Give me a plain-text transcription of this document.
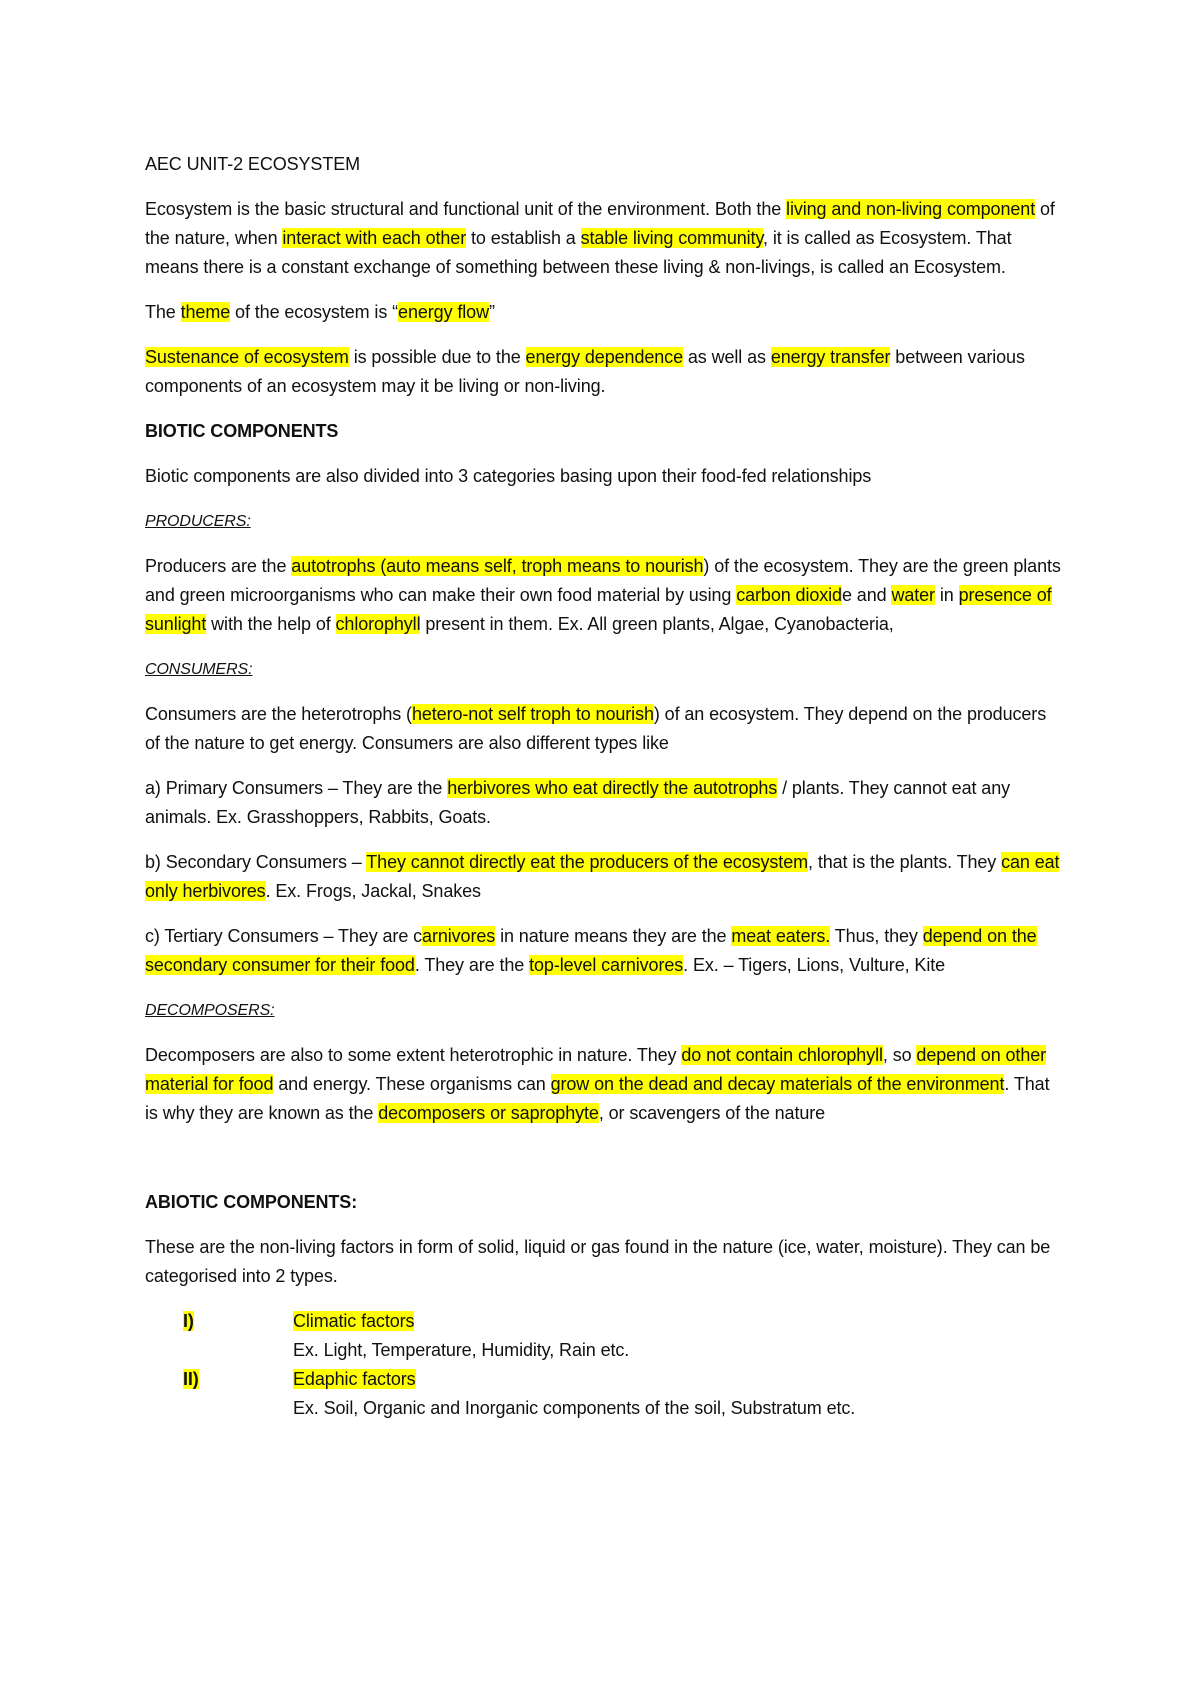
AEC UNIT-2 ECOSYSTEM

Ecosystem is the basic structural and functional unit of the environment. Both the living and non-living component of the nature, when interact with each other to establish a stable living community, it is called as Ecosystem. That means there is a constant exchange of something between these living & non-livings, is called an Ecosystem.

The theme of the ecosystem is “energy flow”

Sustenance of ecosystem is possible due to the energy dependence as well as energy transfer between various components of an ecosystem may it be living or non-living.

BIOTIC COMPONENTS

Biotic components are also divided into 3 categories basing upon their food-fed relationships

PRODUCERS:

Producers are the autotrophs (auto means self, troph means to nourish) of the ecosystem. They are the green plants and green microorganisms who can make their own food material by using carbon dioxide and water in presence of sunlight with the help of chlorophyll present in them. Ex. All green plants, Algae, Cyanobacteria,

CONSUMERS:

Consumers are the heterotrophs (hetero-not self troph to nourish) of an ecosystem. They depend on the producers of the nature to get energy. Consumers are also different types like

a) Primary Consumers – They are the herbivores who eat directly the autotrophs / plants. They cannot eat any animals. Ex. Grasshoppers, Rabbits, Goats.

b) Secondary Consumers – They cannot directly eat the producers of the ecosystem, that is the plants. They can eat only herbivores. Ex. Frogs, Jackal, Snakes

c) Tertiary Consumers – They are carnivores in nature means they are the meat eaters. Thus, they depend on the secondary consumer for their food. They are the top-level carnivores. Ex. – Tigers, Lions, Vulture, Kite

DECOMPOSERS:

Decomposers are also to some extent heterotrophic in nature. They do not contain chlorophyll, so depend on other material for food and energy. These organisms can grow on the dead and decay materials of the environment. That is why they are known as the decomposers or saprophyte, or scavengers of the nature

ABIOTIC COMPONENTS:

These are the non-living factors in form of solid, liquid or gas found in the nature (ice, water, moisture). They can be categorised into 2 types.

I)	Climatic factors

Ex. Light, Temperature, Humidity, Rain etc.

II)	Edaphic factors

Ex. Soil, Organic and Inorganic components of the soil, Substratum etc.
